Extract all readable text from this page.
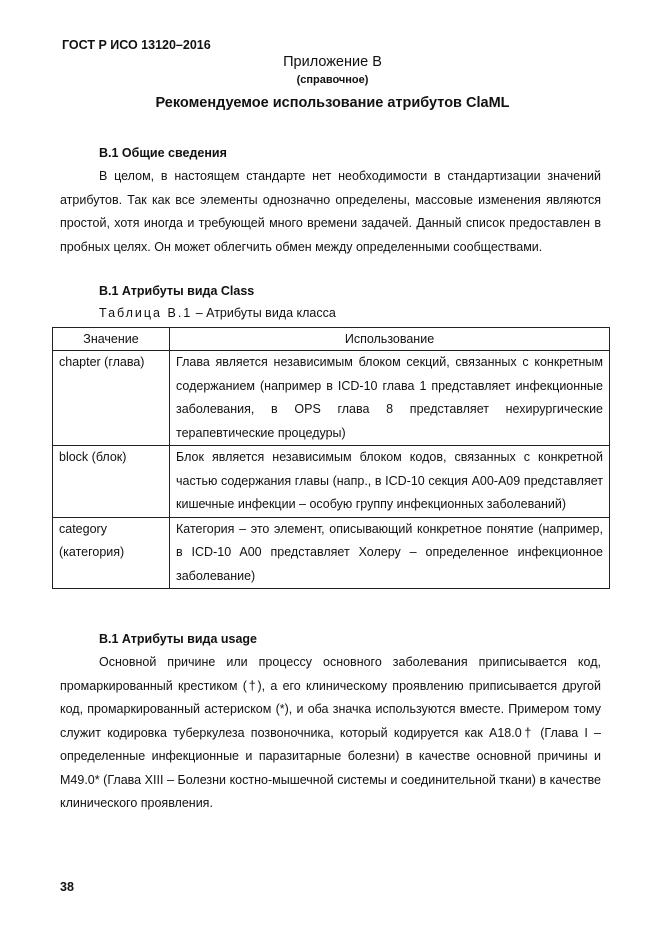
ГОСТ Р ИСО 13120–2016
Приложение В
(справочное)
Рекомендуемое использование атрибутов ClaML
В.1 Общие сведения

В целом, в настоящем стандарте нет необходимости в стандартизации значений атрибутов. Так как все элементы однозначно определены, массовые изменения являются простой, хотя иногда и требующей много времени задачей. Данный список предоставлен в пробных целях. Он может облегчить обмен между определенными сообществами.

В.1 Атрибуты вида Class
Таблица В.1 – Атрибуты вида класса
Значение	Использование
chapter (глава)	Глава является независимым блоком секций, связанных с конкретным содержанием (например в ICD-10 глава 1 представляет инфекционные заболевания, в OPS глава 8 представляет нехирургические терапевтические процедуры)
block (блок)	Блок является независимым блоком кодов, связанных с конкретной частью содержания главы (напр., в ICD-10 секция A00-A09 представляет кишечные инфекции – особую группу инфекционных заболеваний)
category
(категория)	Категория – это элемент, описывающий конкретное понятие (например, в ICD-10 A00 представляет Холеру – определенное инфекционное заболевание)
В.1 Атрибуты вида usage

Основной причине или процессу основного заболевания приписывается код, промаркированный крестиком (†), а его клиническому проявлению приписывается другой код, промаркированный астериском (*), и оба значка используются вместе. Примером тому служит кодировка туберкулеза позвоночника, который кодируется как A18.0† (Глава I – определенные инфекционные и паразитарные болезни) в качестве основной причины и M49.0* (Глава XIII – Болезни костно-мышечной системы и соединительной ткани) в качестве клинического проявления.

38
